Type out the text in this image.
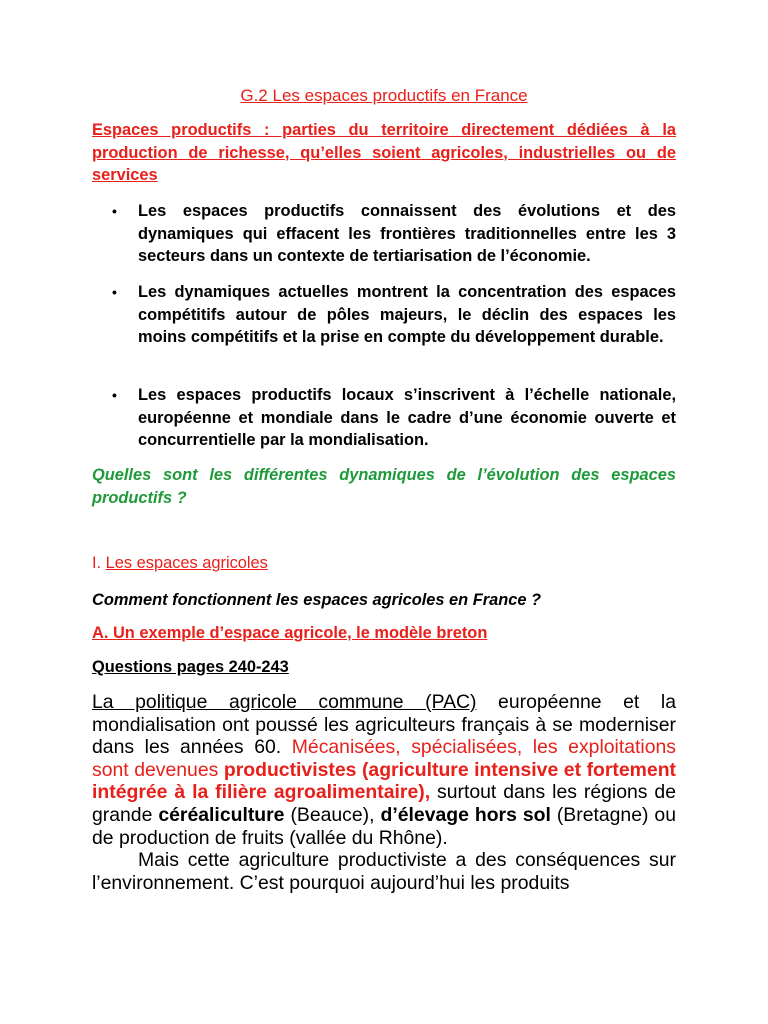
G.2 Les espaces productifs en France
Espaces productifs : parties du territoire directement dédiées à la production de richesse, qu’elles soient agricoles, industrielles ou de services
• Les espaces productifs connaissent des évolutions et des dynamiques qui effacent les frontières traditionnelles entre les 3 secteurs dans un contexte de tertiarisation de l’économie.
• Les dynamiques actuelles montrent la concentration des espaces compétitifs autour de pôles majeurs, le déclin des espaces les moins compétitifs et la prise en compte du développement durable.
• Les espaces productifs locaux s’inscrivent à l’échelle nationale, européenne et mondiale dans le cadre d’une économie ouverte et concurrentielle par la mondialisation.
Quelles sont les différentes dynamiques de l’évolution des espaces productifs ?
I. Les espaces agricoles
Comment fonctionnent les espaces agricoles en France ?
A. Un exemple d’espace agricole, le modèle breton
Questions pages 240-243

La politique agricole commune (PAC) européenne et la mondialisation ont poussé les agriculteurs français à se moderniser dans les années 60. Mécanisées, spécialisées, les exploitations sont devenues productivistes (agriculture intensive et fortement intégrée à la filière agroalimentaire), surtout dans les régions de grande céréaliculture (Beauce), d’élevage hors sol (Bretagne) ou de production de fruits (vallée du Rhône).

Mais cette agriculture productiviste a des conséquences sur l’environnement. C’est pourquoi aujourd’hui les produits
